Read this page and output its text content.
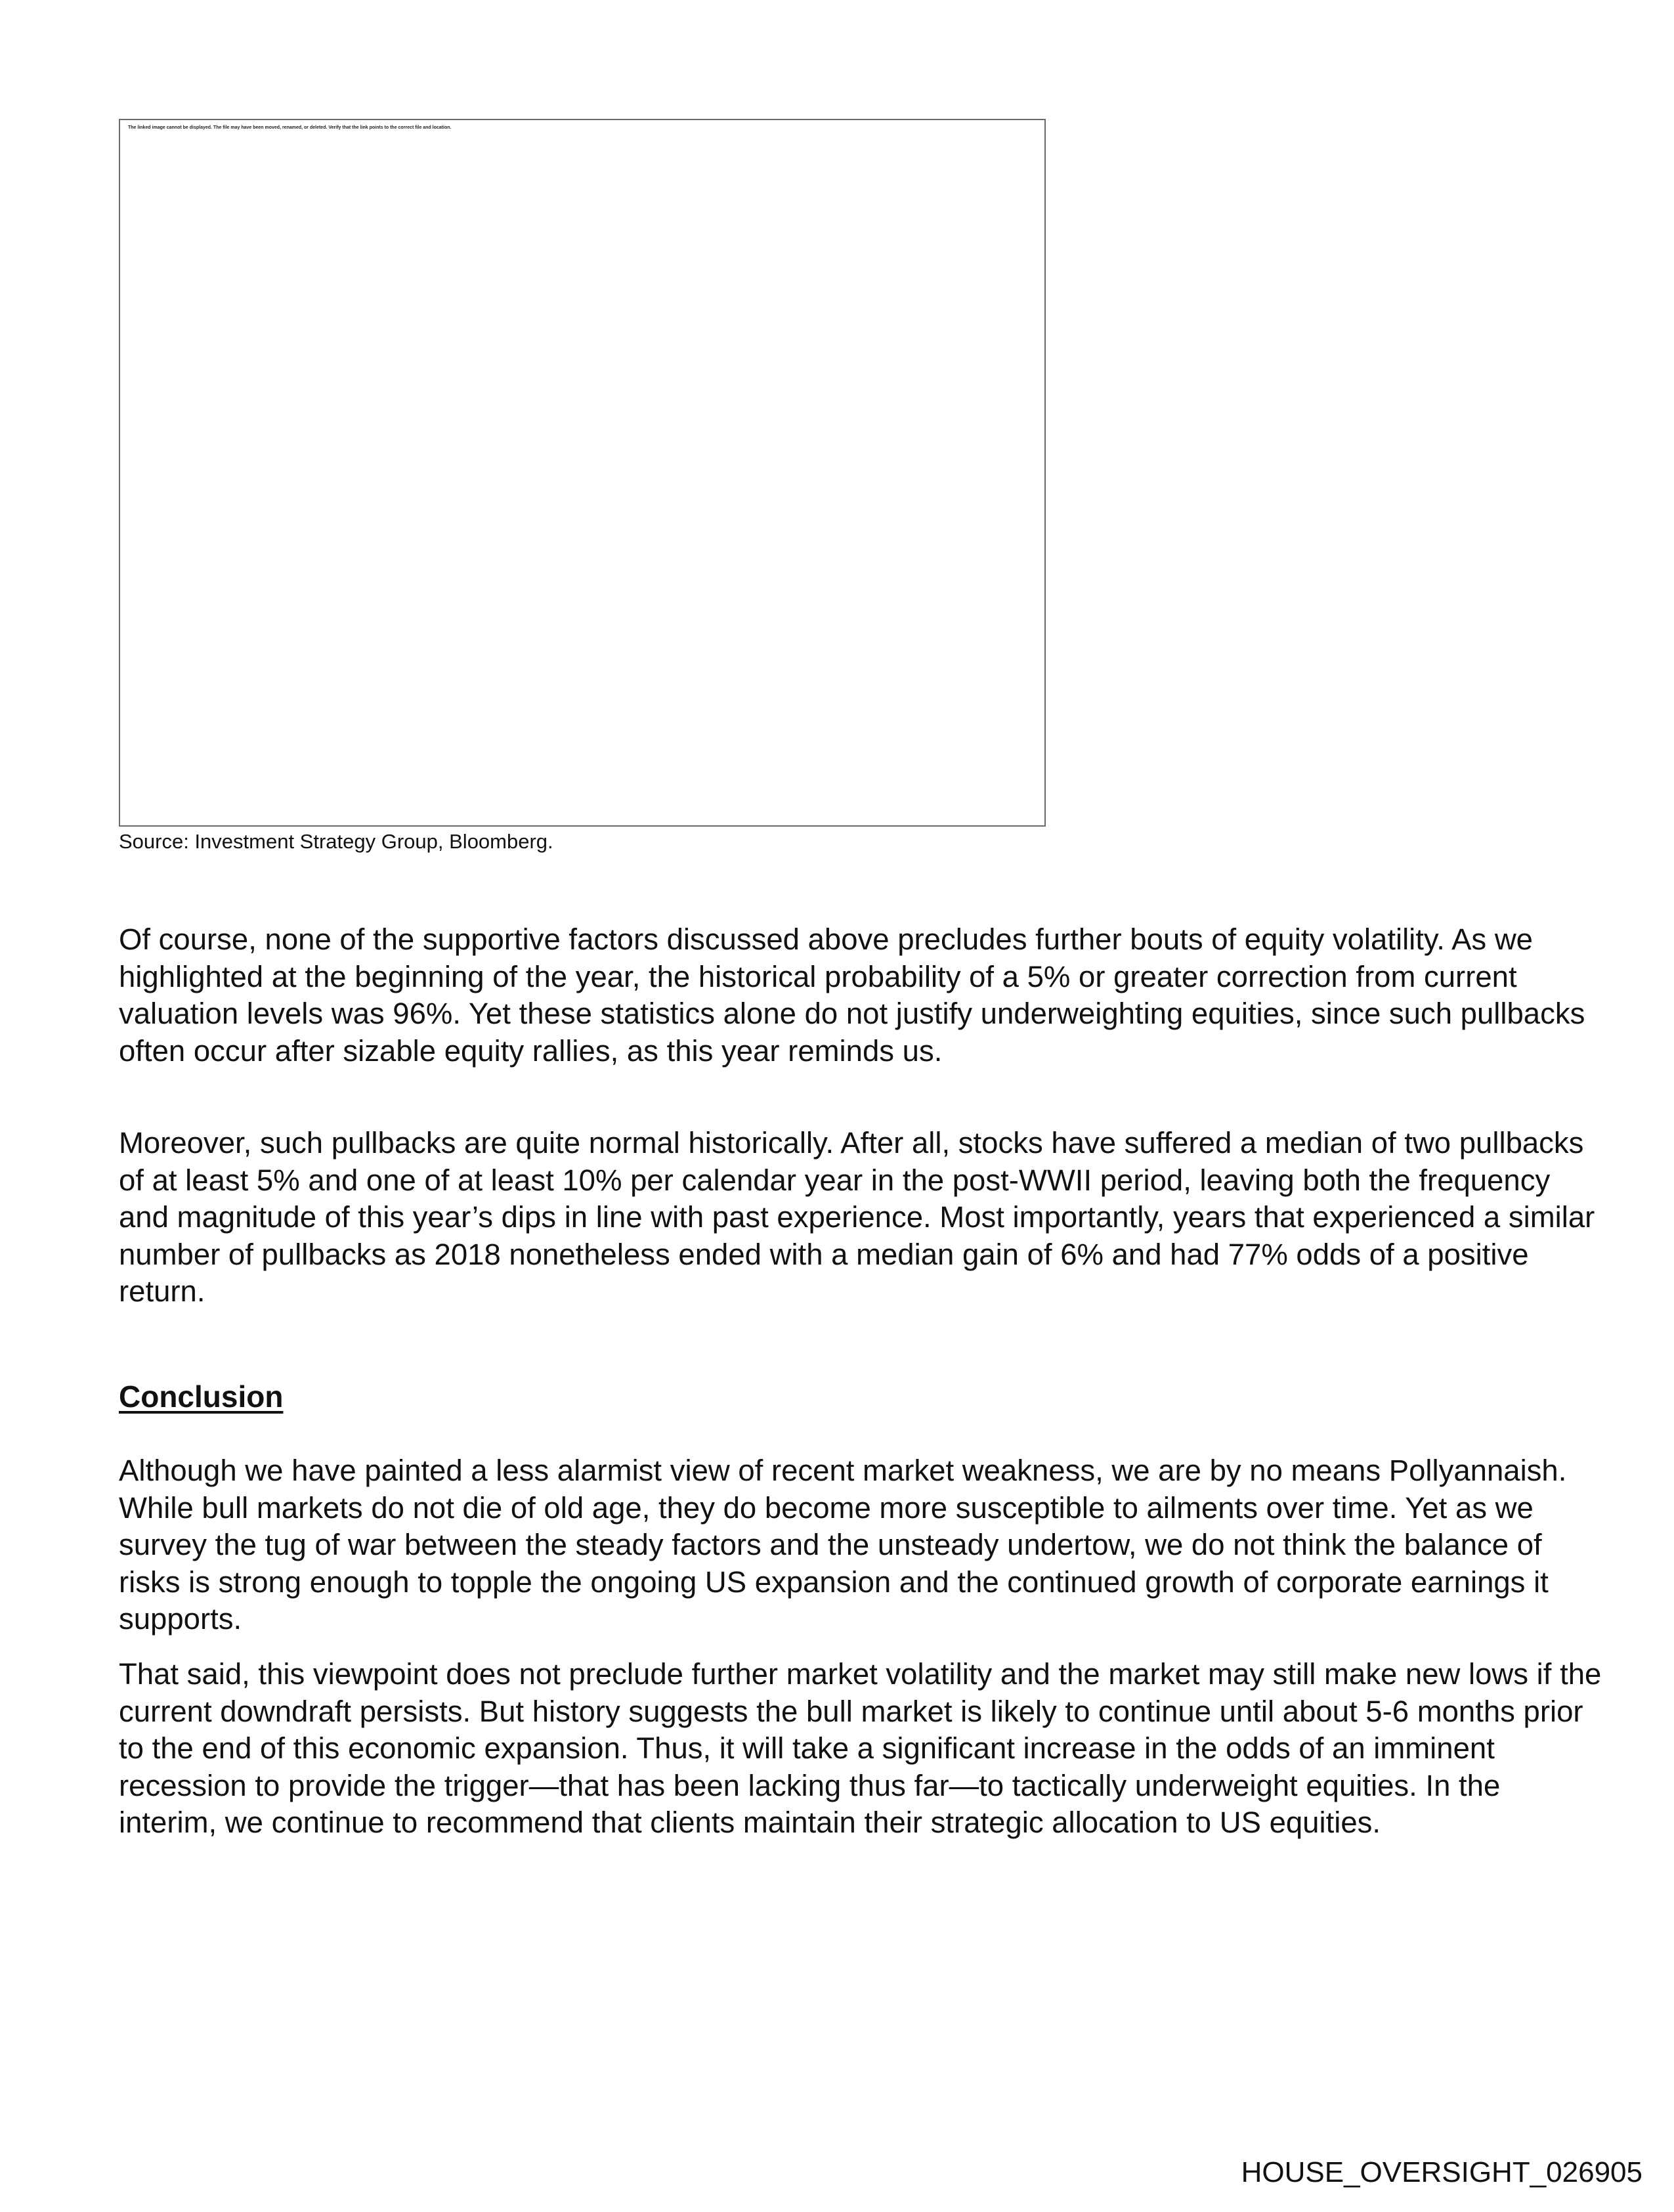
The linked image cannot be displayed. The file may have been moved, renamed, or deleted. Verify that the link points to the correct file and location.
Source: Investment Strategy Group, Bloomberg.

Of course, none of the supportive factors discussed above precludes further bouts of equity volatility. As we highlighted at the beginning of the year, the historical probability of a 5% or greater correction from current valuation levels was 96%. Yet these statistics alone do not justify underweighting equities, since such pullbacks often occur after sizable equity rallies, as this year reminds us.

Moreover, such pullbacks are quite normal historically. After all, stocks have suffered a median of two pullbacks of at least 5% and one of at least 10% per calendar year in the post-WWII period, leaving both the frequency and magnitude of this year’s dips in line with past experience. Most importantly, years that experienced a similar number of pullbacks as 2018 nonetheless ended with a median gain of 6% and had 77% odds of a positive return.

Conclusion

Although we have painted a less alarmist view of recent market weakness, we are by no means Pollyannaish. While bull markets do not die of old age, they do become more susceptible to ailments over time. Yet as we survey the tug of war between the steady factors and the unsteady undertow, we do not think the balance of risks is strong enough to topple the ongoing US expansion and the continued growth of corporate earnings it supports.

That said, this viewpoint does not preclude further market volatility and the market may still make new lows if the current downdraft persists. But history suggests the bull market is likely to continue until about 5-6 months prior to the end of this economic expansion. Thus, it will take a significant increase in the odds of an imminent recession to provide the trigger—that has been lacking thus far—to tactically underweight equities. In the interim, we continue to recommend that clients maintain their strategic allocation to US equities.

HOUSE_OVERSIGHT_026905
